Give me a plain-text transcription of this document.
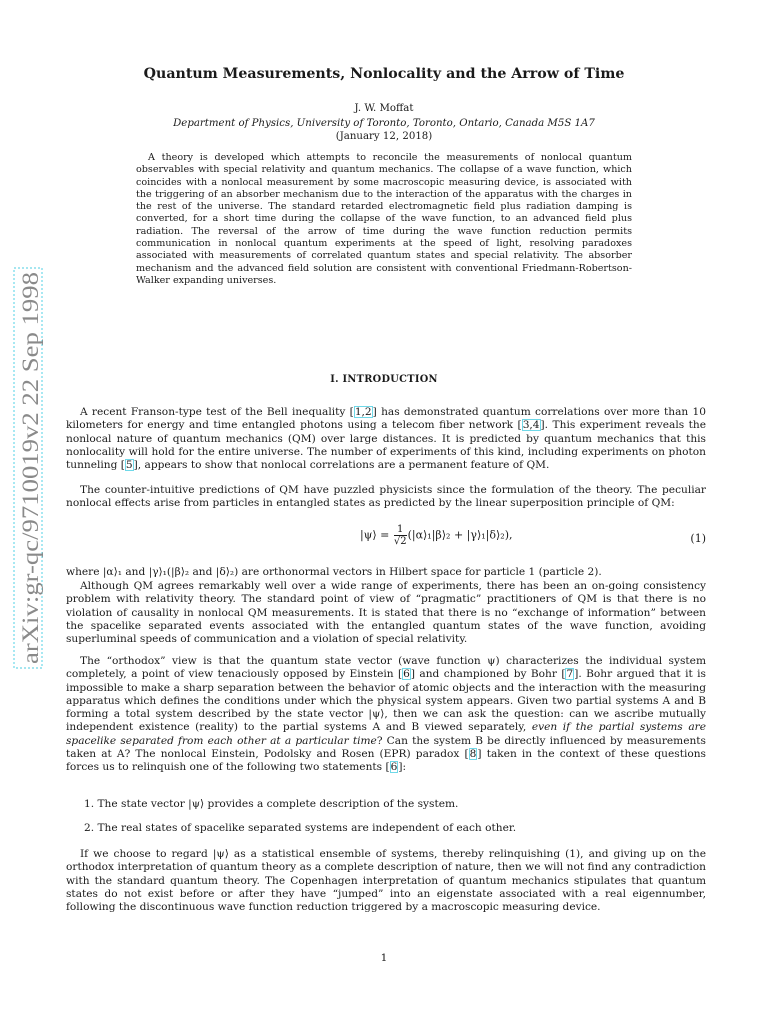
arXiv:gr-qc/9710019v2 22 Sep 1998
Quantum Measurements, Nonlocality and the Arrow of Time
J. W. Moffat
Department of Physics, University of Toronto, Toronto, Ontario, Canada M5S 1A7
(January 12, 2018)

A theory is developed which attempts to reconcile the measurements of nonlocal quantum observables with special relativity and quantum mechanics. The collapse of a wave function, which coincides with a nonlocal measurement by some macroscopic measuring device, is associated with the triggering of an absorber mechanism due to the interaction of the apparatus with the charges in the rest of the universe. The standard retarded electromagnetic field plus radiation damping is converted, for a short time during the collapse of the wave function, to an advanced field plus radiation. The reversal of the arrow of time during the wave function reduction permits communication in nonlocal quantum experiments at the speed of light, resolving paradoxes associated with measurements of correlated quantum states and special relativity. The absorber mechanism and the advanced field solution are consistent with conventional Friedmann-Robertson-Walker expanding universes.

I. INTRODUCTION

A recent Franson-type test of the Bell inequality [1,2] has demonstrated quantum correlations over more than 10 kilometers for energy and time entangled photons using a telecom fiber network [3,4]. This experiment reveals the nonlocal nature of quantum mechanics (QM) over large distances. It is predicted by quantum mechanics that this nonlocality will hold for the entire universe. The number of experiments of this kind, including experiments on photon tunneling [5], appears to show that nonlocal correlations are a permanent feature of QM.

The counter-intuitive predictions of QM have puzzled physicists since the formulation of the theory. The peculiar nonlocal effects arise from particles in entangled states as predicted by the linear superposition principle of QM:

|ψ⟩ = $\frac{1}{√2}$ (|α⟩₁|β⟩₂ + |γ⟩₁|δ⟩₂),	(1)

where |α⟩₁ and |γ⟩₁(|β⟩₂ and |δ⟩₂) are orthonormal vectors in Hilbert space for particle 1 (particle 2).

Although QM agrees remarkably well over a wide range of experiments, there has been an on-going consistency problem with relativity theory. The standard point of view of “pragmatic” practitioners of QM is that there is no violation of causality in nonlocal QM measurements. It is stated that there is no “exchange of information” between the spacelike separated events associated with the entangled quantum states of the wave function, avoiding superluminal speeds of communication and a violation of special relativity.

The “orthodox” view is that the quantum state vector (wave function ψ) characterizes the individual system completely, a point of view tenaciously opposed by Einstein [6] and championed by Bohr [7]. Bohr argued that it is impossible to make a sharp separation between the behavior of atomic objects and the interaction with the measuring apparatus which defines the conditions under which the physical system appears. Given two partial systems A and B forming a total system described by the state vector |ψ⟩, then we can ask the question: can we ascribe mutually independent existence (reality) to the partial systems A and B viewed separately, even if the partial systems are spacelike separated from each other at a particular time? Can the system B be directly influenced by measurements taken at A? The nonlocal Einstein, Podolsky and Rosen (EPR) paradox [8] taken in the context of these questions forces us to relinquish one of the following two statements [6]:

1. The state vector |ψ⟩ provides a complete description of the system.
2. The real states of spacelike separated systems are independent of each other.

If we choose to regard |ψ⟩ as a statistical ensemble of systems, thereby relinquishing (1), and giving up on the orthodox interpretation of quantum theory as a complete description of nature, then we will not find any contradiction with the standard quantum theory. The Copenhagen interpretation of quantum mechanics stipulates that quantum states do not exist before or after they have “jumped” into an eigenstate associated with a real eigennumber, following the discontinuous wave function reduction triggered by a macroscopic measuring device.

1
